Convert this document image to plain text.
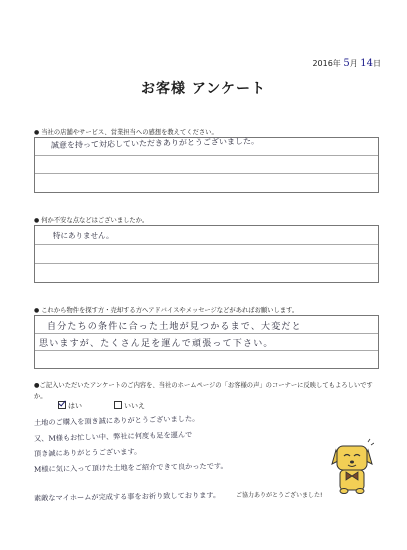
2016年 5月 14日
お客様 アンケート
● 当社の店舗やサービス、営業担当への感想を教えてください。
誠意を持って対応していただきありがとうございました。
● 何か不安な点などはございましたか。
特にありません。
● これから物件を探す方・売却する方へアドバイスやメッセージなどがあればお願いします。
自分たちの条件に合った土地が見つかるまで、大変だと
思いますが、たくさん足を運んで頑張って下さい。
●ご記入いただいたアンケートのご内容を、当社のホームページの「お客様の声」のコーナーに反映してもよろしいですか。
はい	いいえ
土地のご購入を頂き誠にありがとうございました。
又、M様もお忙しい中、弊社に何度も足を運んで
頂き誠にありがとうございます。
M様に気に入って頂けた土地をご紹介できて良かったです。
素敵なマイホームが完成する事をお祈り致しております。	ご協力ありがとうございました!
